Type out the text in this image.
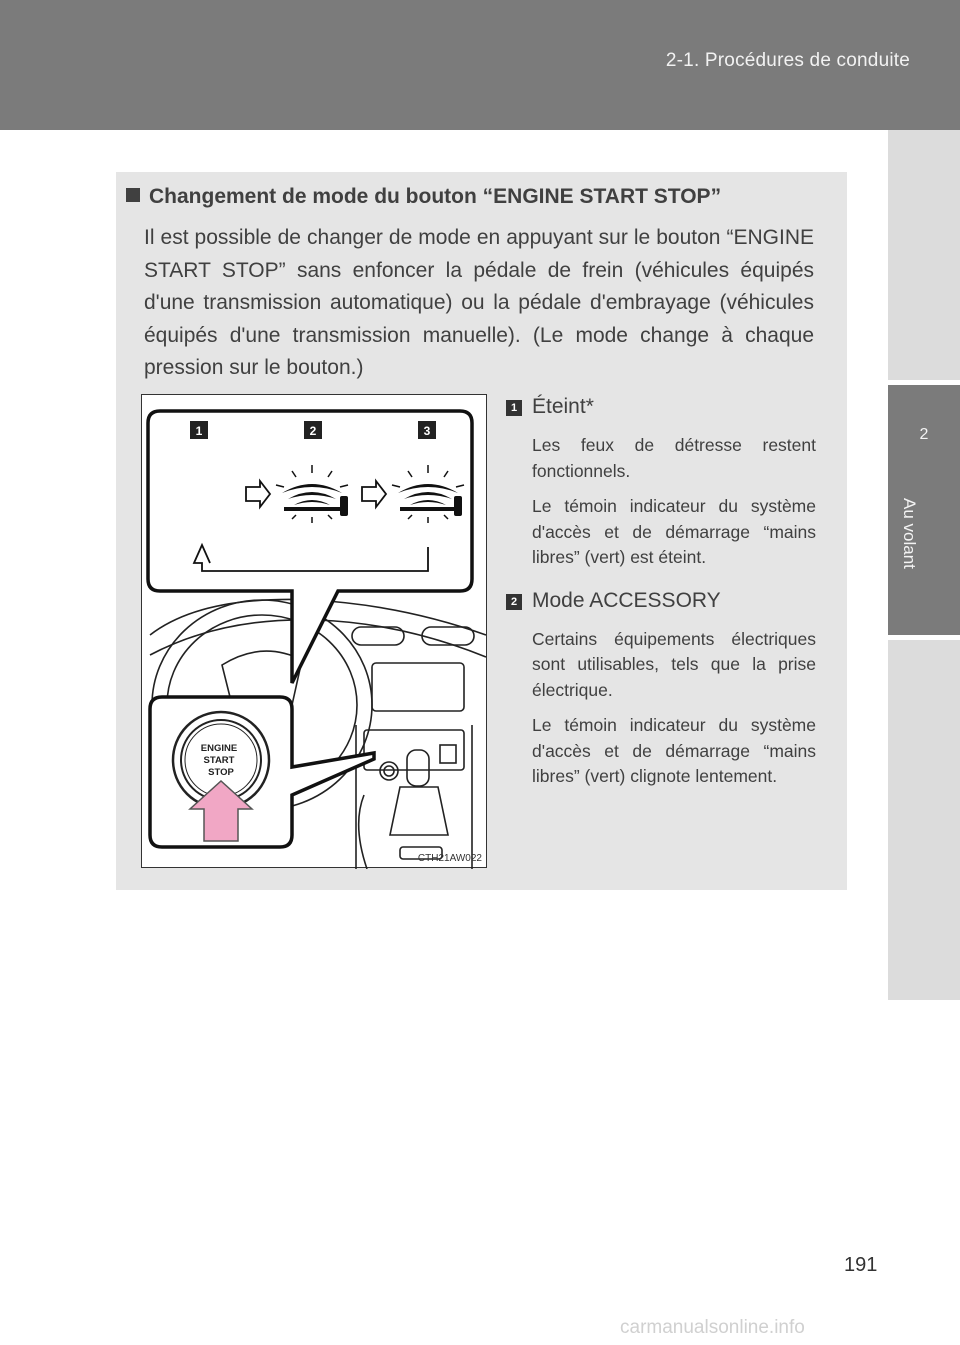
2-1. Procédures de conduite
2
Au volant
Changement de mode du bouton “ENGINE START STOP”
Il est possible de changer de mode en appuyant sur le bouton “ENGINE START STOP” sans enfoncer la pédale de frein (véhicules équipés d'une transmission automatique) ou la pédale d'embrayage (véhicules équipés d'une transmission manuelle). (Le mode change à chaque pression sur le bouton.)
1	2	3
ENGINE
START
STOP
CTH21AW022
1 Éteint*

Les feux de détresse restent fonctionnels.

Le témoin indicateur du système d'accès et de démarrage “mains libres” (vert) est éteint.

2 Mode ACCESSORY

Certains équipements électriques sont utilisables, tels que la prise électrique.

Le témoin indicateur du système d'accès et de démarrage “mains libres” (vert) clignote lentement.

191
carmanualsonline.info
